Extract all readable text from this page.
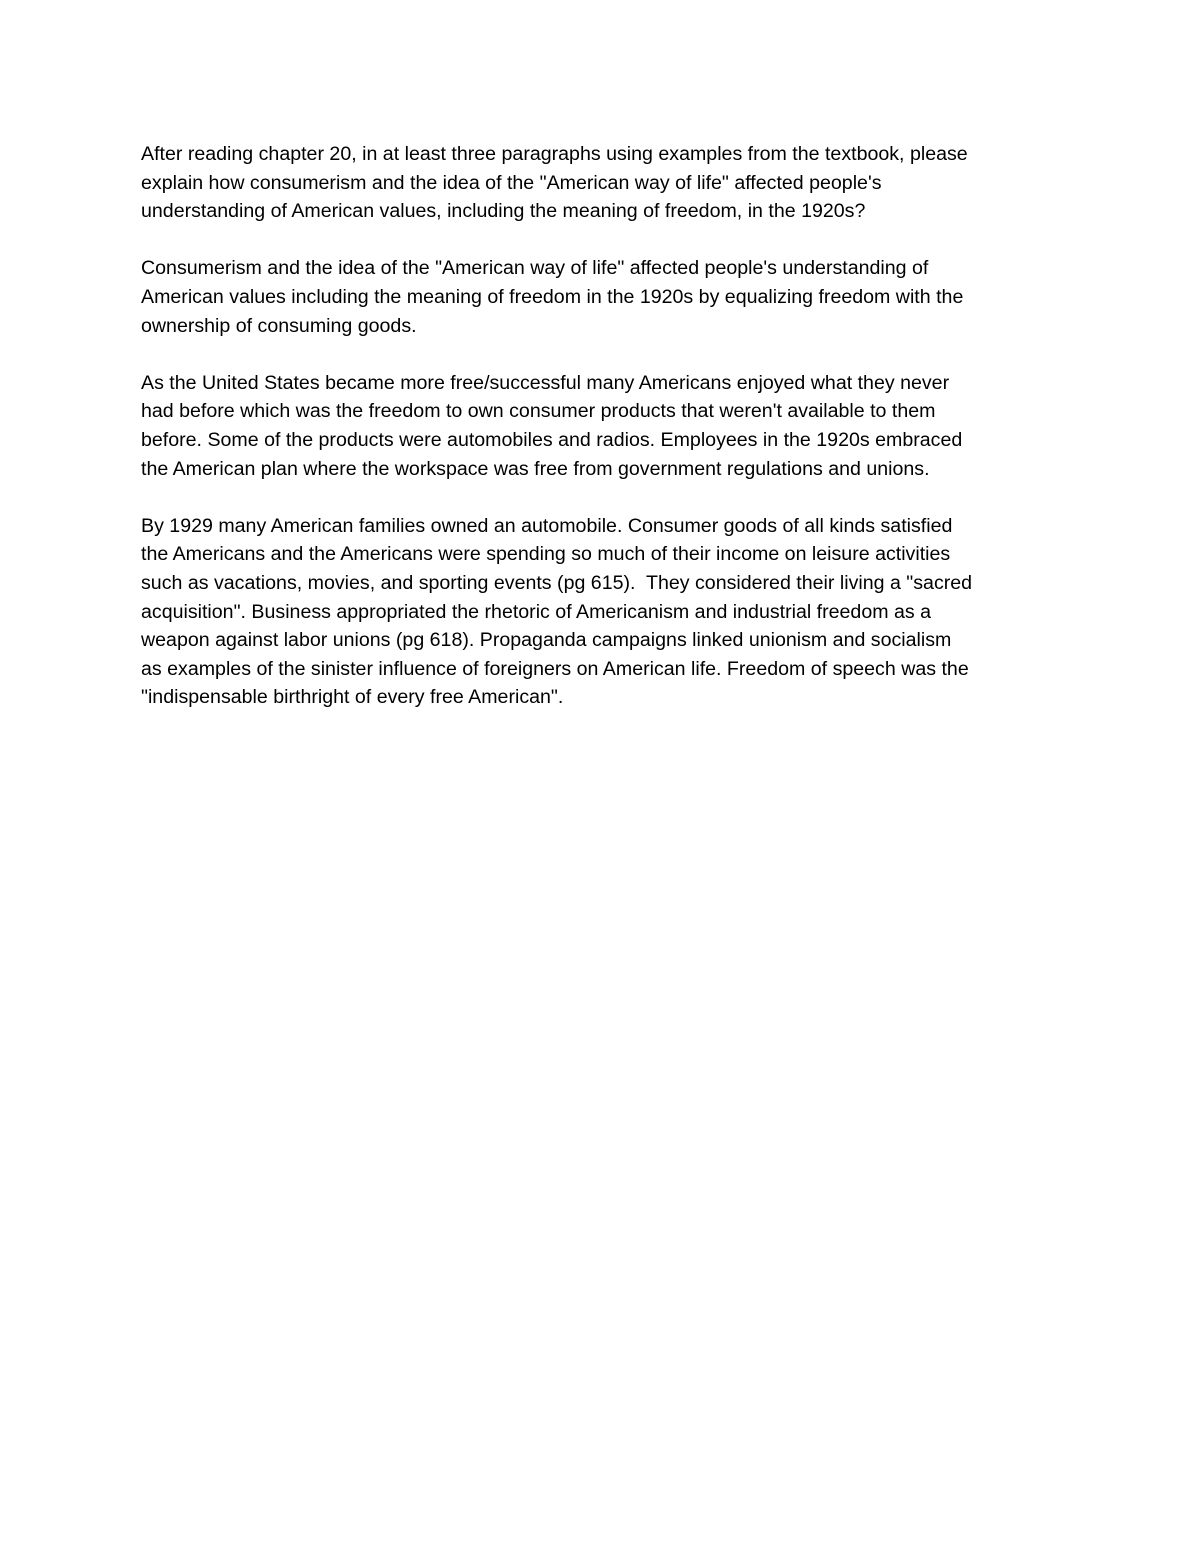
After reading chapter 20, in at least three paragraphs using examples from the textbook, please
explain how consumerism and the idea of the "American way of life" affected people's
understanding of American values, including the meaning of freedom, in the 1920s?
Consumerism and the idea of the "American way of life" affected people's understanding of
American values including the meaning of freedom in the 1920s by equalizing freedom with the
ownership of consuming goods.
As the United States became more free/successful many Americans enjoyed what they never
had before which was the freedom to own consumer products that weren't available to them
before. Some of the products were automobiles and radios. Employees in the 1920s embraced
the American plan where the workspace was free from government regulations and unions.
By 1929 many American families owned an automobile. Consumer goods of all kinds satisfied
the Americans and the Americans were spending so much of their income on leisure activities
such as vacations, movies, and sporting events (pg 615).  They considered their living a "sacred
acquisition". Business appropriated the rhetoric of Americanism and industrial freedom as a
weapon against labor unions (pg 618). Propaganda campaigns linked unionism and socialism
as examples of the sinister influence of foreigners on American life. Freedom of speech was the
"indispensable birthright of every free American".
